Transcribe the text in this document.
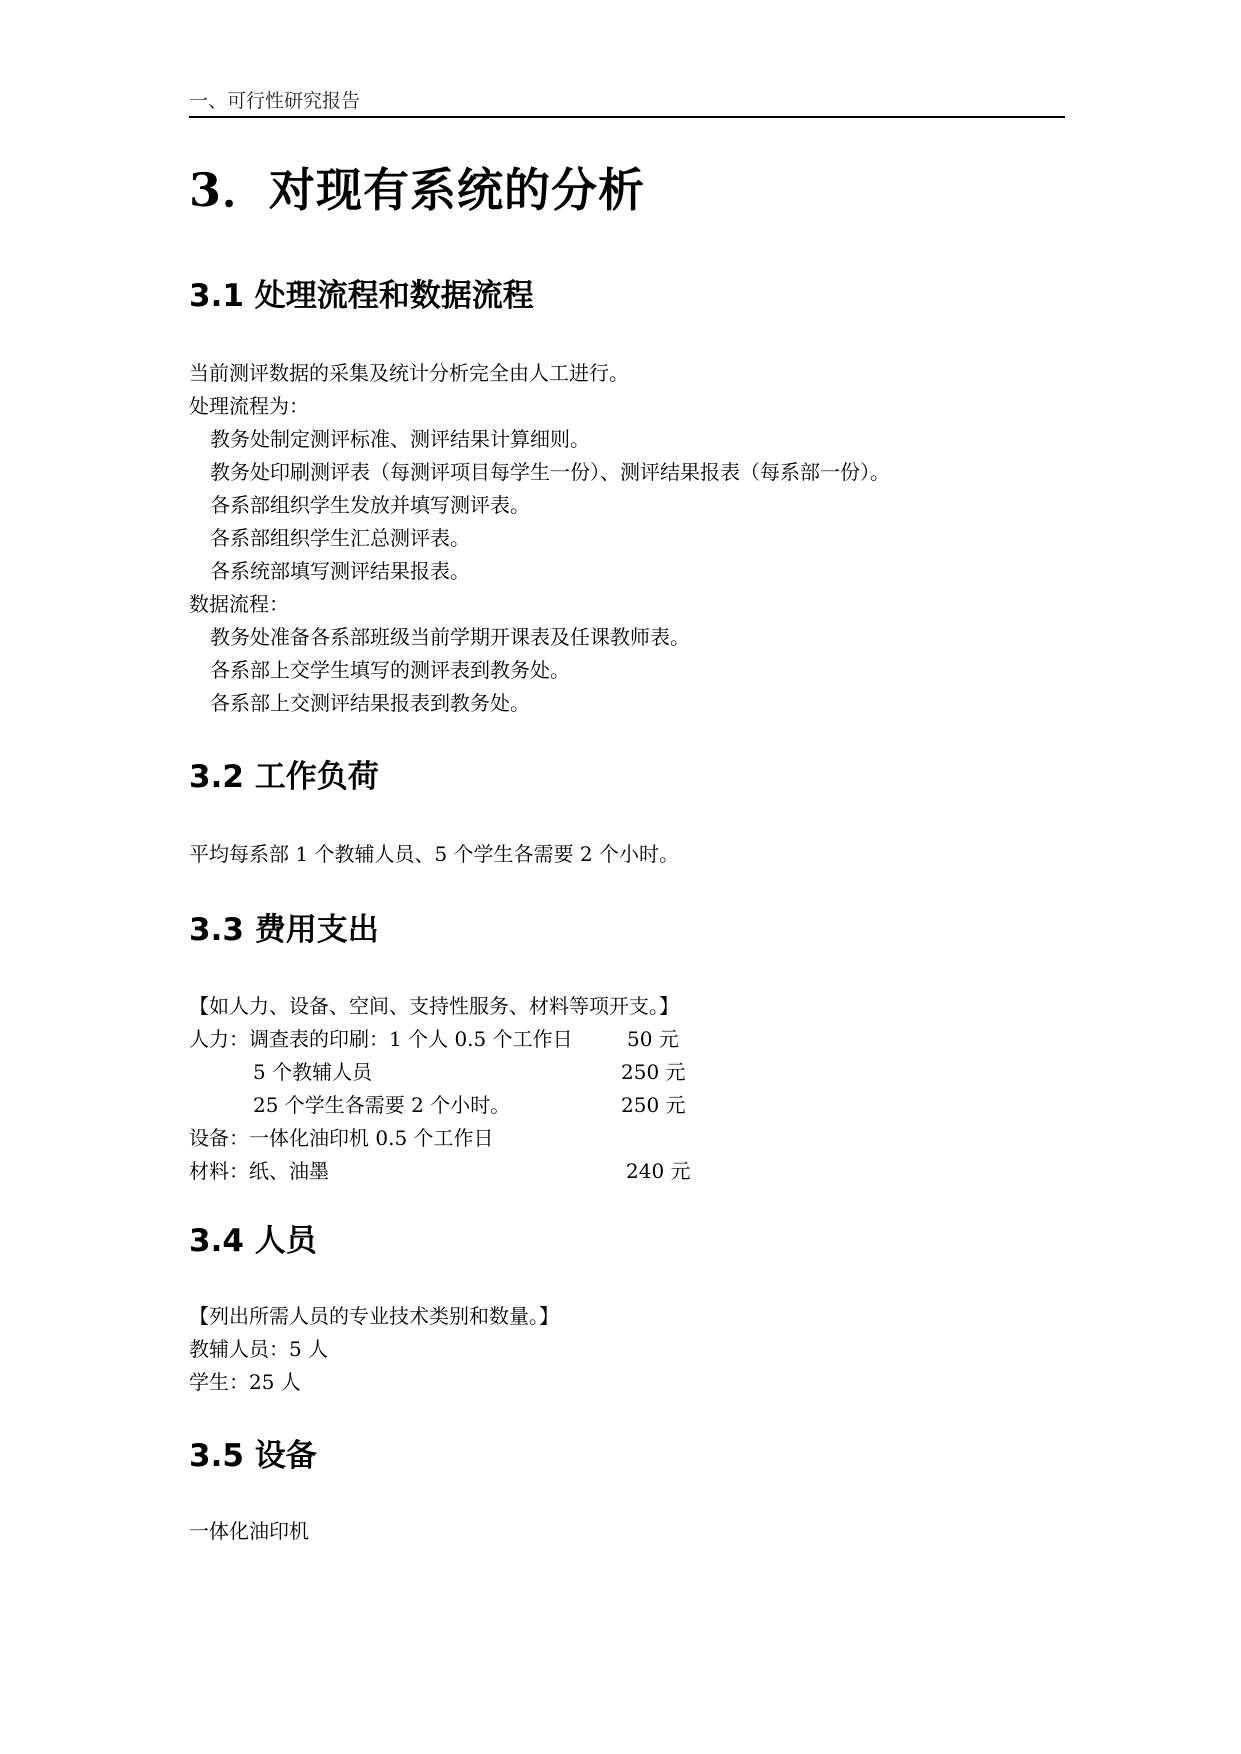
一、可行性研究报告
3．对现有系统的分析
3.1 处理流程和数据流程
当前测评数据的采集及统计分析完全由人工进行。
处理流程为：
教务处制定测评标准、测评结果计算细则。
教务处印刷测评表（每测评项目每学生一份）、测评结果报表（每系部一份）。
各系部组织学生发放并填写测评表。
各系部组织学生汇总测评表。
各系统部填写测评结果报表。
数据流程：
教务处准备各系部班级当前学期开课表及任课教师表。
各系部上交学生填写的测评表到教务处。
各系部上交测评结果报表到教务处。
3.2 工作负荷
平均每系部 1 个教辅人员、5 个学生各需要 2 个小时。
3.3 费用支出
【如人力、设备、空间、支持性服务、材料等项开支。】
人力：调查表的印刷：1 个人 0.5 个工作日	50 元
5 个教辅人员	250 元
25 个学生各需要 2 个小时。	250 元
设备：一体化油印机 0.5 个工作日
材料：纸、油墨	240 元
3.4 人员
【列出所需人员的专业技术类别和数量。】
教辅人员：5 人
学生：25 人
3.5 设备
一体化油印机
